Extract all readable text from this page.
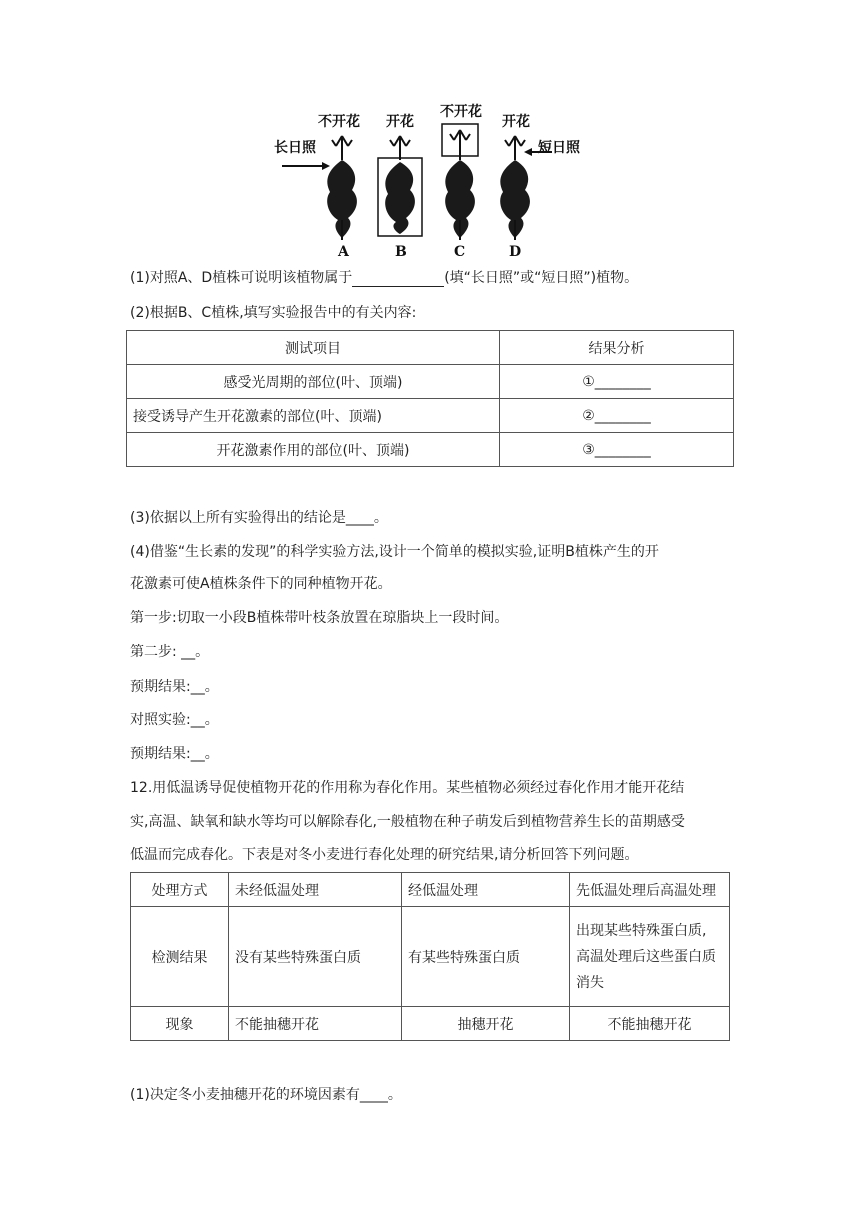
不开花 开花
不开花
开花
长日照	短日照
A	B	C	D
(1)对照A、D植株可说明该植物属于	(填“长日照”或“短日照”)植物。
(2)根据B、C植株,填写实验报告中的有关内容:
测试项目	结果分析
感受光周期的部位(叶、顶端)	①________
接受诱导产生开花激素的部位(叶、顶端)	②________
开花激素作用的部位(叶、顶端)	③________
(3)依据以上所有实验得出的结论是____。
(4)借鉴“生长素的发现”的科学实验方法,设计一个简单的模拟实验,证明B植株产生的开
花激素可使A植株条件下的同种植物开花。
第一步:切取一小段B植株带叶枝条放置在琼脂块上一段时间。
第二步: __。
预期结果:__。
对照实验:__。
预期结果:__。
12.用低温诱导促使植物开花的作用称为春化作用。某些植物必须经过春化作用才能开花结
实,高温、缺氧和缺水等均可以解除春化,一般植物在种子萌发后到植物营养生长的苗期感受
低温而完成春化。下表是对冬小麦进行春化处理的研究结果,请分析回答下列问题。
处理方式	未经低温处理	经低温处理	先低温处理后高温处理
检测结果	没有某些特殊蛋白质	有某些特殊蛋白质	出现某些特殊蛋白质,
高温处理后这些蛋白质
消失

现象	不能抽穗开花	抽穗开花	不能抽穗开花
(1)决定冬小麦抽穗开花的环境因素有____。
